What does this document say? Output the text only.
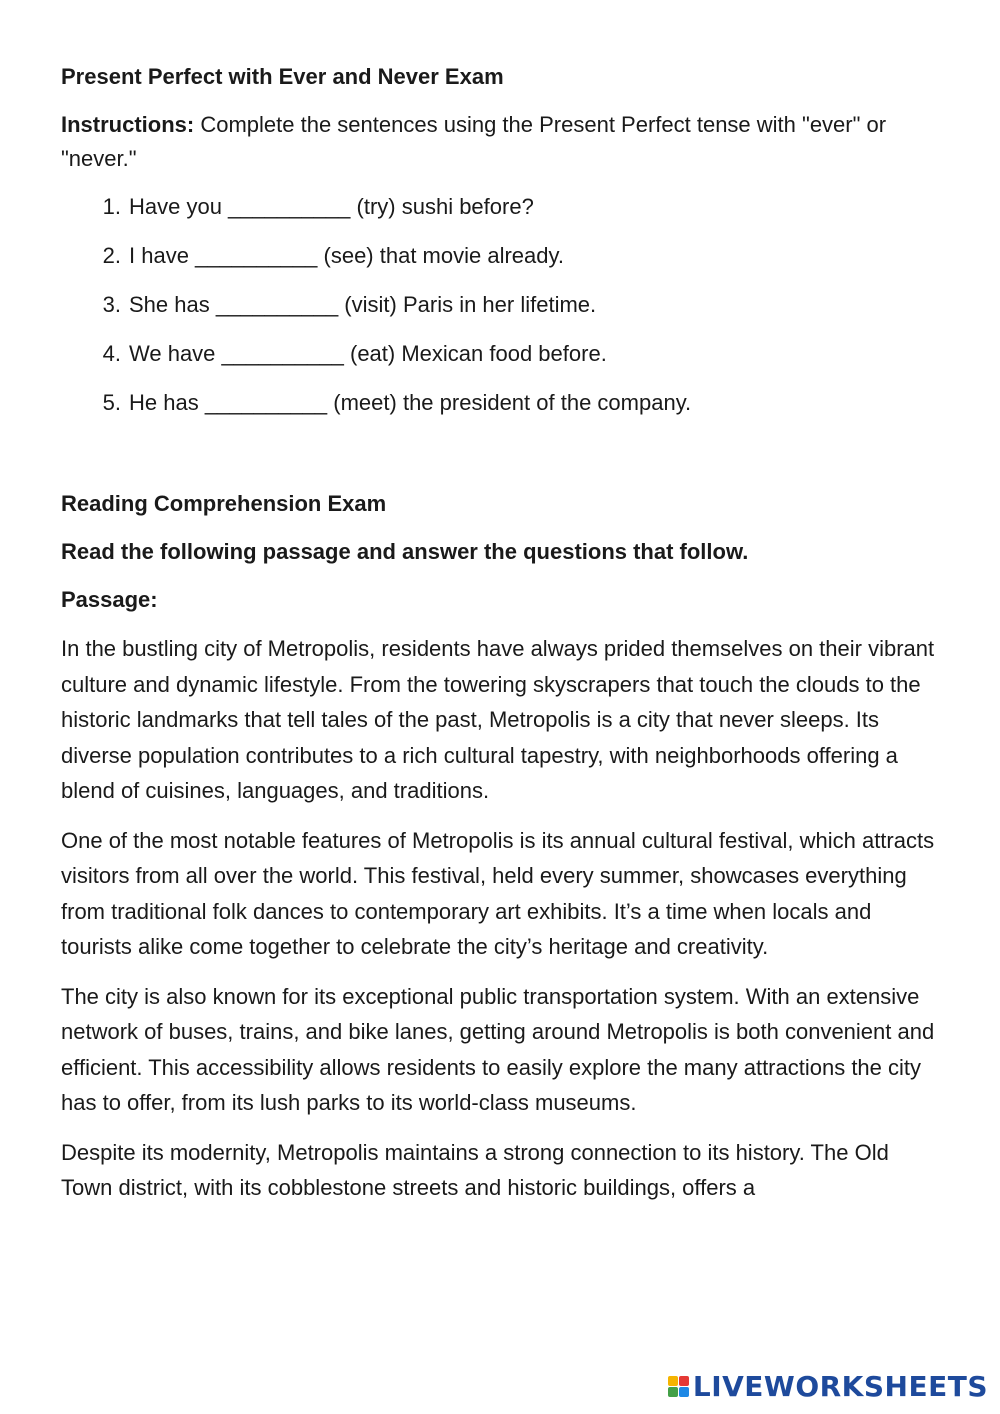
Present Perfect with Ever and Never Exam
Instructions: Complete the sentences using the Present Perfect tense with "ever" or "never."
1. Have you __________ (try) sushi before?
2. I have __________ (see) that movie already.
3. She has __________ (visit) Paris in her lifetime.
4. We have __________ (eat) Mexican food before.
5. He has __________ (meet) the president of the company.
Reading Comprehension Exam
Read the following passage and answer the questions that follow.
Passage:

In the bustling city of Metropolis, residents have always prided themselves on their vibrant culture and dynamic lifestyle. From the towering skyscrapers that touch the clouds to the historic landmarks that tell tales of the past, Metropolis is a city that never sleeps. Its diverse population contributes to a rich cultural tapestry, with neighborhoods offering a blend of cuisines, languages, and traditions.

One of the most notable features of Metropolis is its annual cultural festival, which attracts visitors from all over the world. This festival, held every summer, showcases everything from traditional folk dances to contemporary art exhibits. It’s a time when locals and tourists alike come together to celebrate the city’s heritage and creativity.

The city is also known for its exceptional public transportation system. With an extensive network of buses, trains, and bike lanes, getting around Metropolis is both convenient and efficient. This accessibility allows residents to easily explore the many attractions the city has to offer, from its lush parks to its world-class museums.

Despite its modernity, Metropolis maintains a strong connection to its history. The Old Town district, with its cobblestone streets and historic buildings, offers a

LIVEWORKSHEETS
